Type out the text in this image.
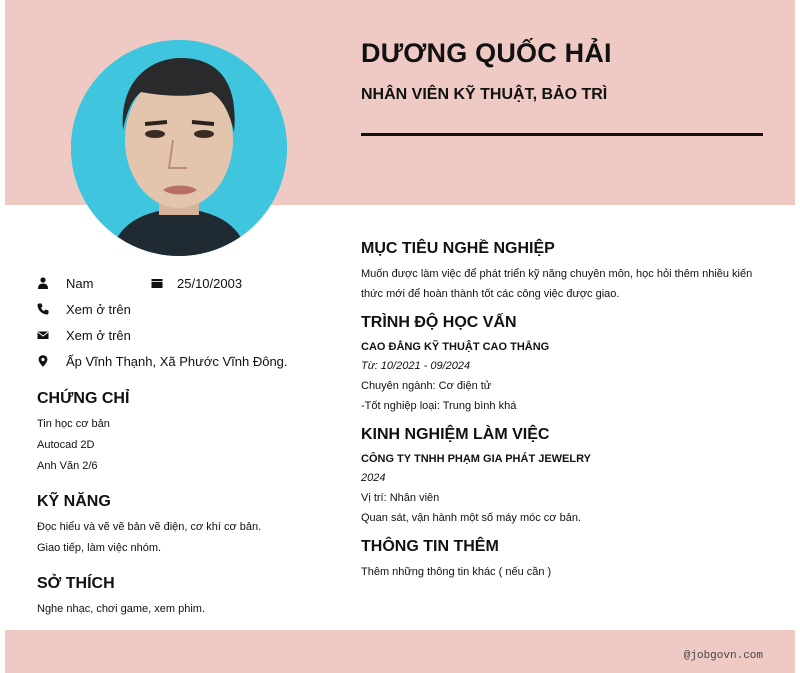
DƯƠNG QUỐC HẢI
NHÂN VIÊN KỸ THUẬT, BẢO TRÌ
Nam	25/10/2003
Xem ở trên
Xem ở trên
Ấp Vĩnh Thạnh, Xã Phước Vĩnh Đông.
CHỨNG CHỈ

Tin học cơ bản

Autocad 2D

Anh Văn 2/6

KỸ NĂNG

Đọc hiểu và vẽ vẽ bản vẽ điện, cơ khí cơ bản.

Giao tiếp, làm việc nhóm.

SỞ THÍCH

Nghe nhạc, chơi game, xem phim.

MỤC TIÊU NGHỀ NGHIỆP

Muốn được làm việc để phát triển kỹ năng chuyên môn, học hỏi thêm nhiều kiến

thức mới để hoàn thành tốt các công việc được giao.

TRÌNH ĐỘ HỌC VẤN

CAO ĐẲNG KỸ THUẬT CAO THẮNG

Từ: 10/2021 - 09/2024

Chuyên ngành: Cơ điện tử

-Tốt nghiệp loại: Trung bình khá

KINH NGHIỆM LÀM VIỆC

CÔNG TY TNHH PHẠM GIA PHÁT JEWELRY

2024

Vị trí: Nhân viên

Quan sát, vận hành một số máy móc cơ bản.

THÔNG TIN THÊM

Thêm những thông tin khác ( nếu cần )

@jobgovn.com
